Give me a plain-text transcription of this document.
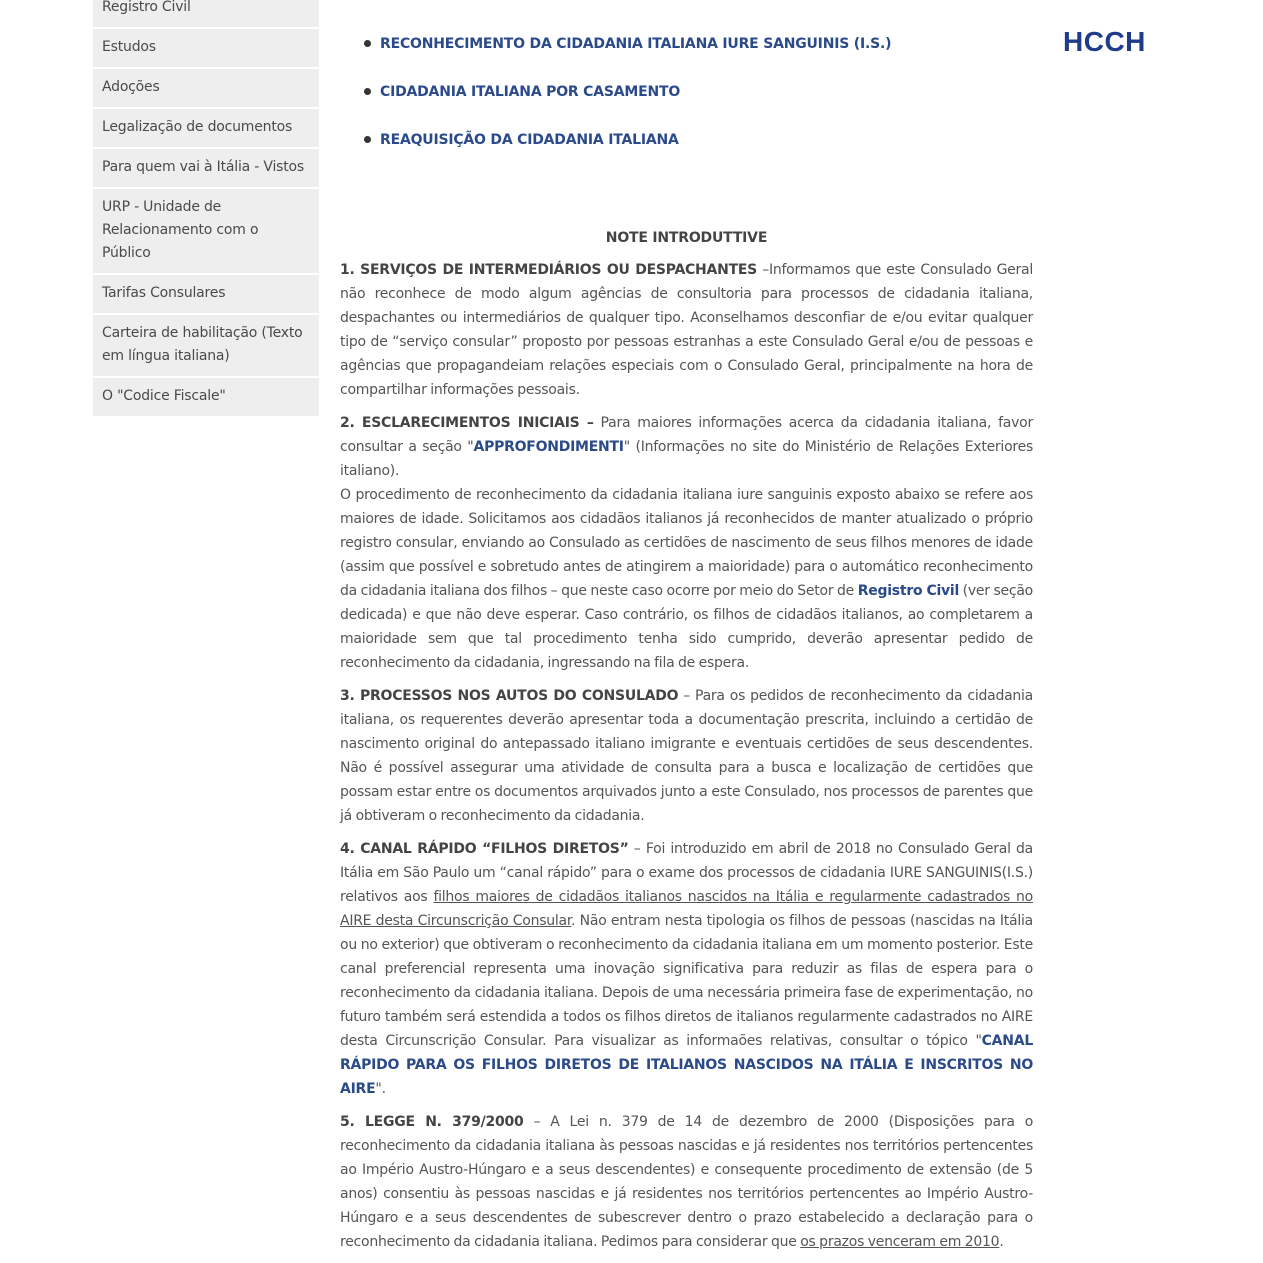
Registro Civil
Estudos
Adoções
Legalização de documentos
Para quem vai à Itália - Vistos
URP - Unidade de Relacionamento com o Público
Tarifas Consulares
Carteira de habilitação (Texto em língua italiana)
O "Codice Fiscale"
RECONHECIMENTO DA CIDADANIA ITALIANA IURE SANGUINIS (I.S.)
CIDADANIA ITALIANA POR CASAMENTO
REAQUISIÇÃO DA CIDADANIA ITALIANA
NOTE INTRODUTTIVE

1. SERVIÇOS DE INTERMEDIÁRIOS OU DESPACHANTES –Informamos que este Consulado Geral não reconhece de modo algum agências de consultoria para processos de cidadania italiana, despachantes ou intermediários de qualquer tipo. Aconselhamos desconfiar de e/ou evitar qualquer tipo de “serviço consular” proposto por pessoas estranhas a este Consulado Geral e/ou de pessoas e agências que propagandeiam relações especiais com o Consulado Geral, principalmente na hora de compartilhar informações pessoais.

2. ESCLARECIMENTOS INICIAIS – Para maiores informações acerca da cidadania italiana, favor consultar a seção "APPROFONDIMENTI" (Informações no site do Ministério de Relações Exteriores italiano).

O procedimento de reconhecimento da cidadania italiana iure sanguinis exposto abaixo se refere aos maiores de idade. Solicitamos aos cidadãos italianos já reconhecidos de manter atualizado o próprio registro consular, enviando ao Consulado as certidões de nascimento de seus filhos menores de idade (assim que possível e sobretudo antes de atingirem a maioridade) para o automático reconhecimento da cidadania italiana dos filhos – que neste caso ocorre por meio do Setor de Registro Civil (ver seção dedicada) e que não deve esperar. Caso contrário, os filhos de cidadãos italianos, ao completarem a maioridade sem que tal procedimento tenha sido cumprido, deverão apresentar pedido de reconhecimento da cidadania, ingressando na fila de espera.

3. PROCESSOS NOS AUTOS DO CONSULADO – Para os pedidos de reconhecimento da cidadania italiana, os requerentes deverão apresentar toda a documentação prescrita, incluindo a certidão de nascimento original do antepassado italiano imigrante e eventuais certidões de seus descendentes. Não é possível assegurar uma atividade de consulta para a busca e localização de certidões que possam estar entre os documentos arquivados junto a este Consulado, nos processos de parentes que já obtiveram o reconhecimento da cidadania.

4. CANAL RÁPIDO “FILHOS DIRETOS” – Foi introduzido em abril de 2018 no Consulado Geral da Itália em São Paulo um “canal rápido” para o exame dos processos de cidadania IURE SANGUINIS(I.S.) relativos aos filhos maiores de cidadãos italianos nascidos na Itália e regularmente cadastrados no AIRE desta Circunscrição Consular. Não entram nesta tipologia os filhos de pessoas (nascidas na Itália ou no exterior) que obtiveram o reconhecimento da cidadania italiana em um momento posterior. Este canal preferencial representa uma inovação significativa para reduzir as filas de espera para o reconhecimento da cidadania italiana. Depois de uma necessária primeira fase de experimentação, no futuro também será estendida a todos os filhos diretos de italianos regularmente cadastrados no AIRE desta Circunscrição Consular. Para visualizar as informaões relativas, consultar o tópico "CANAL RÁPIDO PARA OS FILHOS DIRETOS DE ITALIANOS NASCIDOS NA ITÁLIA E INSCRITOS NO AIRE".

5. LEGGE N. 379/2000 – A Lei n. 379 de 14 de dezembro de 2000 (Disposições para o reconhecimento da cidadania italiana às pessoas nascidas e já residentes nos territórios pertencentes ao Império Austro-Húngaro e a seus descendentes) e consequente procedimento de extensão (de 5 anos) consentiu às pessoas nascidas e já residentes nos territórios pertencentes ao Império Austro-Húngaro e a seus descendentes de subescrever dentro o prazo estabelecido a declaração para o reconhecimento da cidadania italiana. Pedimos para considerar que os prazos venceram em 2010.

HCCH
